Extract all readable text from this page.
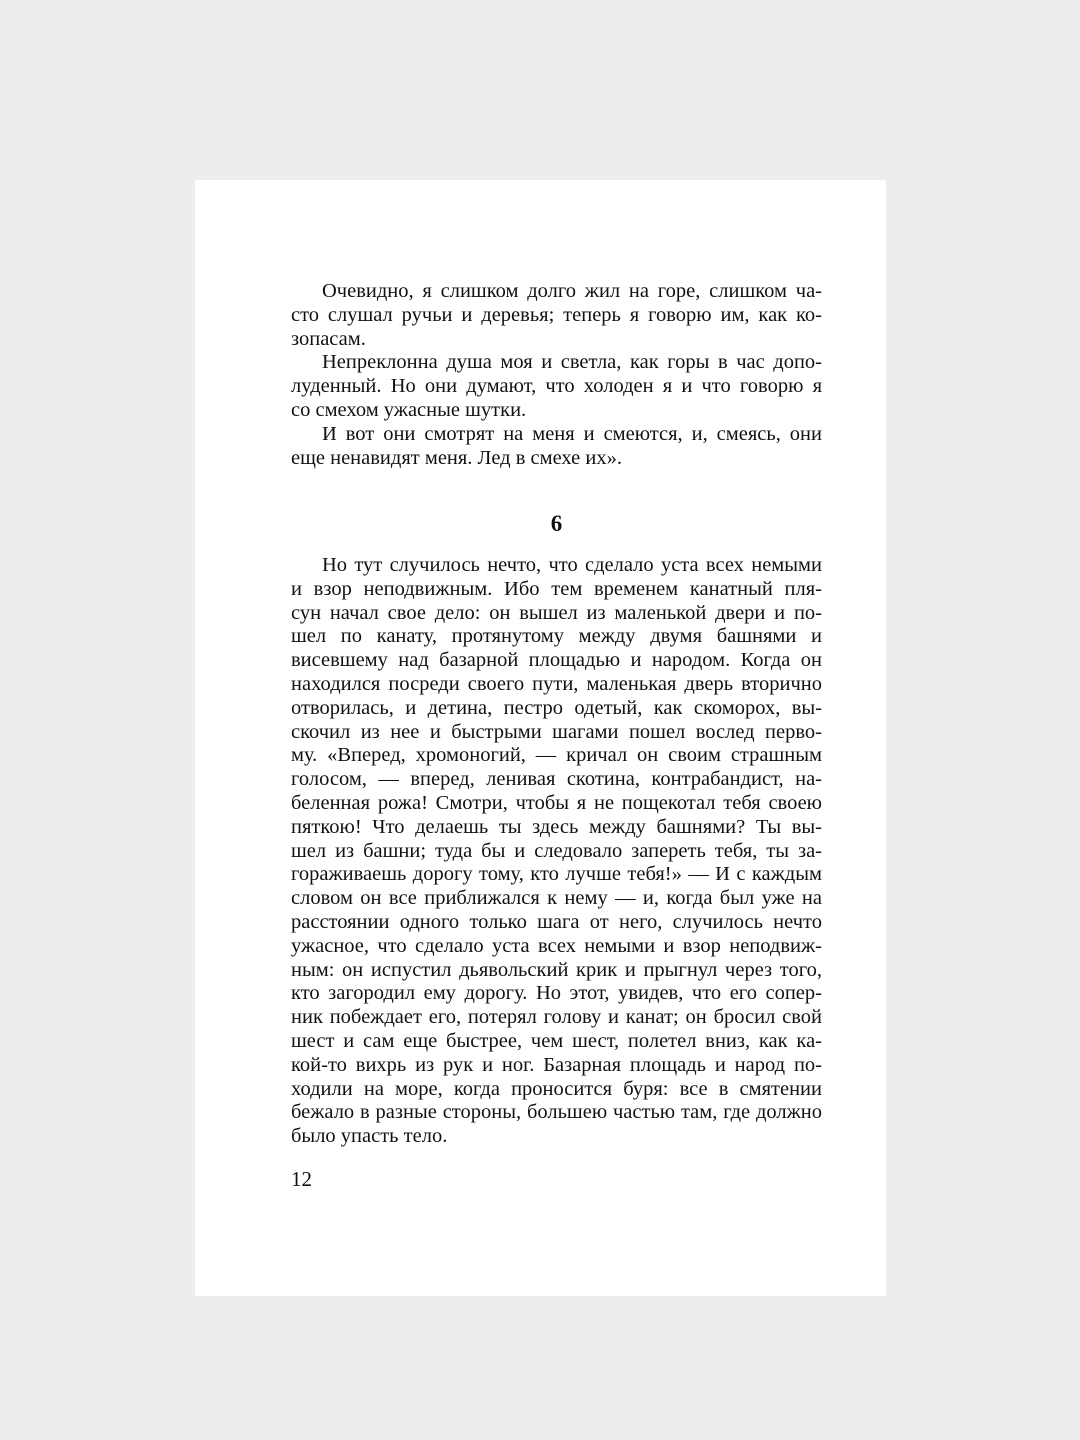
Очевидно, я слишком долго жил на горе, слишком ча-
сто слушал ручьи и деревья; теперь я говорю им, как ко-
зопасам.
Непреклонна душа моя и светла, как горы в час допо-
луденный. Но они думают, что холоден я и что говорю я
со смехом ужасные шутки.
И вот они смотрят на меня и смеются, и, смеясь, они
еще ненавидят меня. Лед в смехе их».
6
Но тут случилось нечто, что сделало уста всех немыми
и взор неподвижным. Ибо тем временем канатный пля-
сун начал свое дело: он вышел из маленькой двери и по-
шел по канату, протянутому между двумя башнями и
висевшему над базарной площадью и народом. Когда он
находился посреди своего пути, маленькая дверь вторично
отворилась, и детина, пестро одетый, как скоморох, вы-
скочил из нее и быстрыми шагами пошел вослед перво-
му. «Вперед, хромоногий, — кричал он своим страшным
голосом, — вперед, ленивая скотина, контрабандист, на-
беленная рожа! Смотри, чтобы я не пощекотал тебя своею
пяткою! Что делаешь ты здесь между башнями? Ты вы-
шел из башни; туда бы и следовало запереть тебя, ты за-
гораживаешь дорогу тому, кто лучше тебя!» — И с каждым
словом он все приближался к нему — и, когда был уже на
расстоянии одного только шага от него, случилось нечто
ужасное, что сделало уста всех немыми и взор неподвиж-
ным: он испустил дьявольский крик и прыгнул через того,
кто загородил ему дорогу. Но этот, увидев, что его сопер-
ник побеждает его, потерял голову и канат; он бросил свой
шест и сам еще быстрее, чем шест, полетел вниз, как ка-
кой-то вихрь из рук и ног. Базарная площадь и народ по-
ходили на море, когда проносится буря: все в смятении
бежало в разные стороны, большею частью там, где должно
было упасть тело.
12
